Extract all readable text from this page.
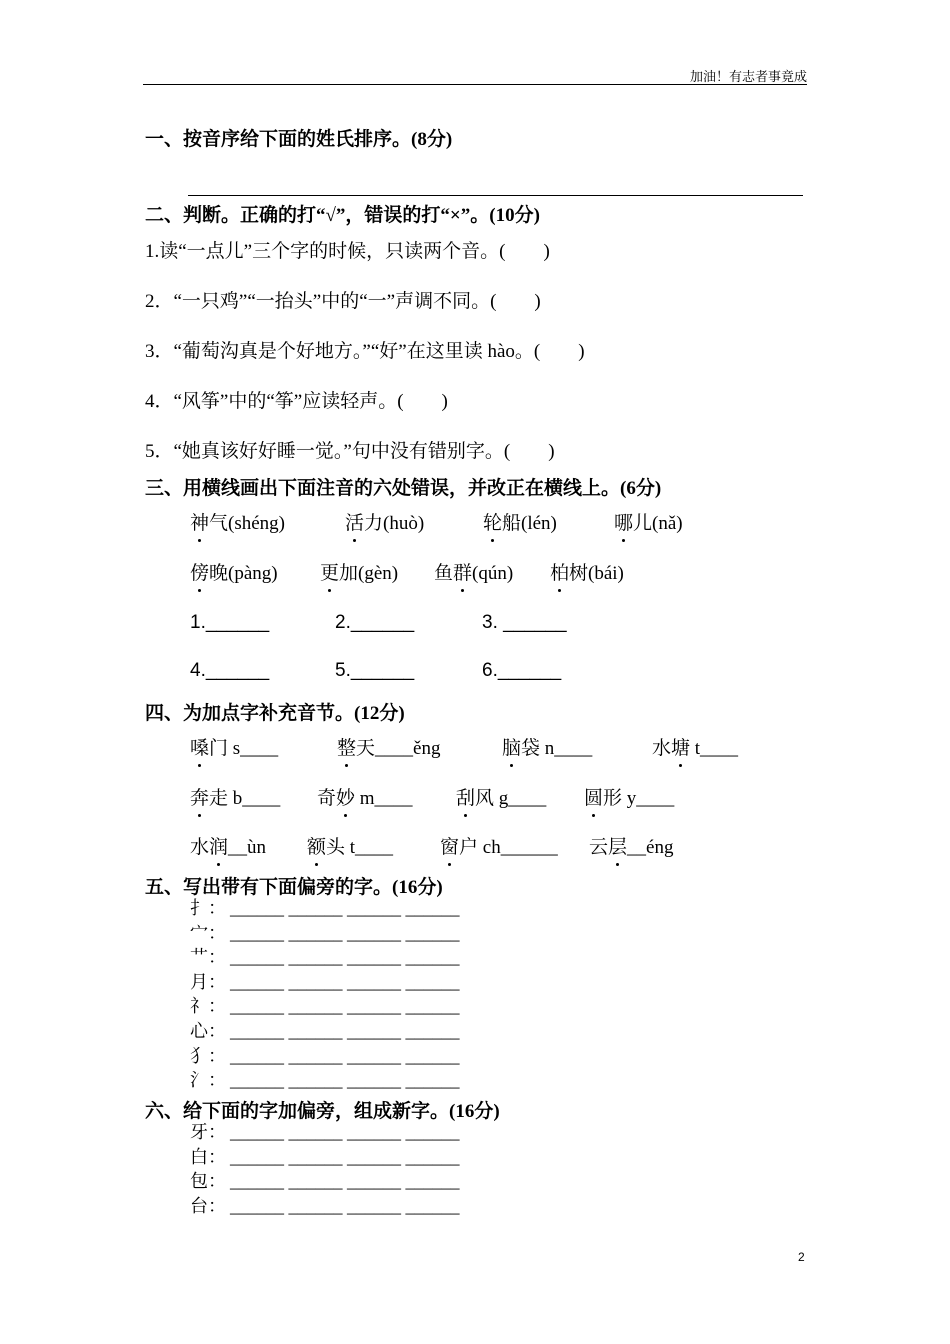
加油！有志者事竟成
一、按音序给下面的姓氏排序。(8分)
二、判断。正确的打“√”，错误的打“×”。(10分)
1.读“一点儿”三个字的时候，只读两个音。(　　)
2．“一只鸡”“一抬头”中的“一”声调不同。(　　)
3．“葡萄沟真是个好地方。”“好”在这里读 hào。(　　)
4．“风筝”中的“筝”应读轻声。(　　)
5．“她真该好好睡一觉。”句中没有错别字。(　　)
三、用横线画出下面注音的六处错误，并改正在横线上。(6分)
神气(shéng)	活力(huò)	轮船(lén)	哪儿(nǎ)
傍晚(pàng) 更加(gèn) 鱼群(qún) 柏树(bái)
1.______	2.______	3. ______
4.______	5.______	6.______
四、为加点字补充音节。(12分)
嗓门 s____	整天____ěng	脑袋 n____	水塘 t____
奔走 b____ 奇妙 m____ 刮风 g____ 圆形 y____
水润__ùn 额头 t____ 窗户 ch______ 云层__éng
五、写出带有下面偏旁的字。(16分)
扌： ______ ______ ______ ______
宀： ______ ______ ______ ______
艹： ______ ______ ______ ______
月： ______ ______ ______ ______
礻： ______ ______ ______ ______
心： ______ ______ ______ ______
犭： ______ ______ ______ ______
氵： ______ ______ ______ ______
六、给下面的字加偏旁，组成新字。(16分)
牙： ______ ______ ______ ______
白： ______ ______ ______ ______
包： ______ ______ ______ ______
台： ______ ______ ______ ______
2
